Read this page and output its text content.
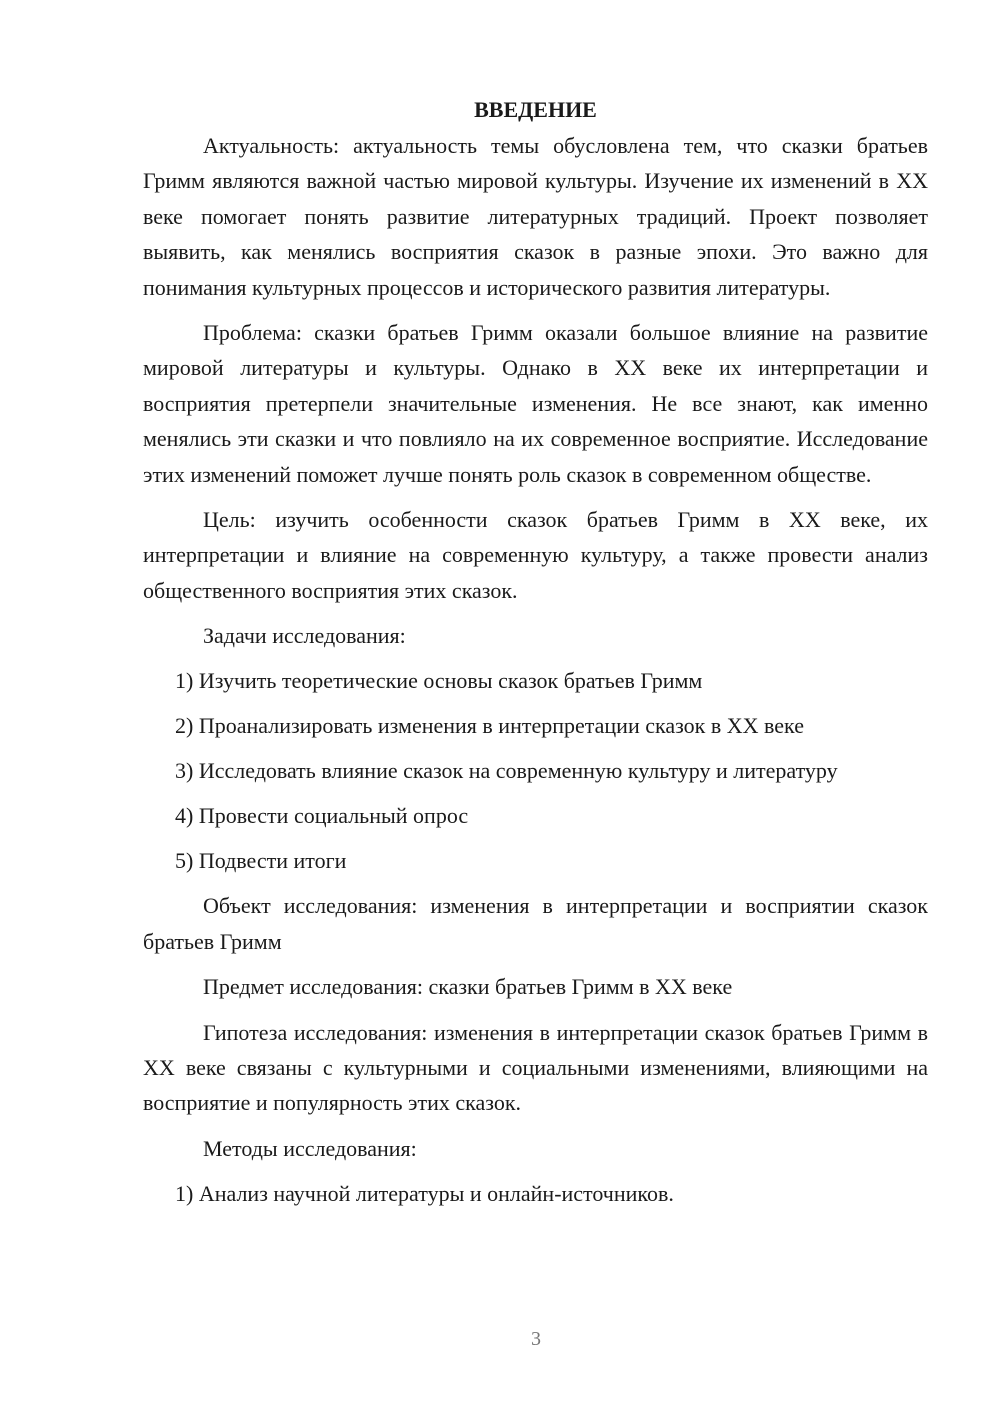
ВВЕДЕНИЕ

Актуальность: актуальность темы обусловлена тем, что сказки братьев Гримм являются важной частью мировой культуры. Изучение их изменений в XX веке помогает понять развитие литературных традиций. Проект позволяет выявить, как менялись восприятия сказок в разные эпохи. Это важно для понимания культурных процессов и исторического развития литературы.

Проблема: сказки братьев Гримм оказали большое влияние на развитие мировой литературы и культуры. Однако в XX веке их интерпретации и восприятия претерпели значительные изменения. Не все знают, как именно менялись эти сказки и что повлияло на их современное восприятие. Исследование этих изменений поможет лучше понять роль сказок в современном обществе.

Цель: изучить особенности сказок братьев Гримм в XX веке, их интерпретации и влияние на современную культуру, а также провести анализ общественного восприятия этих сказок.

Задачи исследования:

1) Изучить теоретические основы сказок братьев Гримм

2) Проанализировать изменения в интерпретации сказок в XX веке

3) Исследовать влияние сказок на современную культуру и литературу

4) Провести социальный опрос

5) Подвести итоги

Объект исследования: изменения в интерпретации и восприятии сказок братьев Гримм

Предмет исследования: сказки братьев Гримм в XX веке

Гипотеза исследования: изменения в интерпретации сказок братьев Гримм в XX веке связаны с культурными и социальными изменениями, влияющими на восприятие и популярность этих сказок.

Методы исследования:

1) Анализ научной литературы и онлайн-источников.

3
